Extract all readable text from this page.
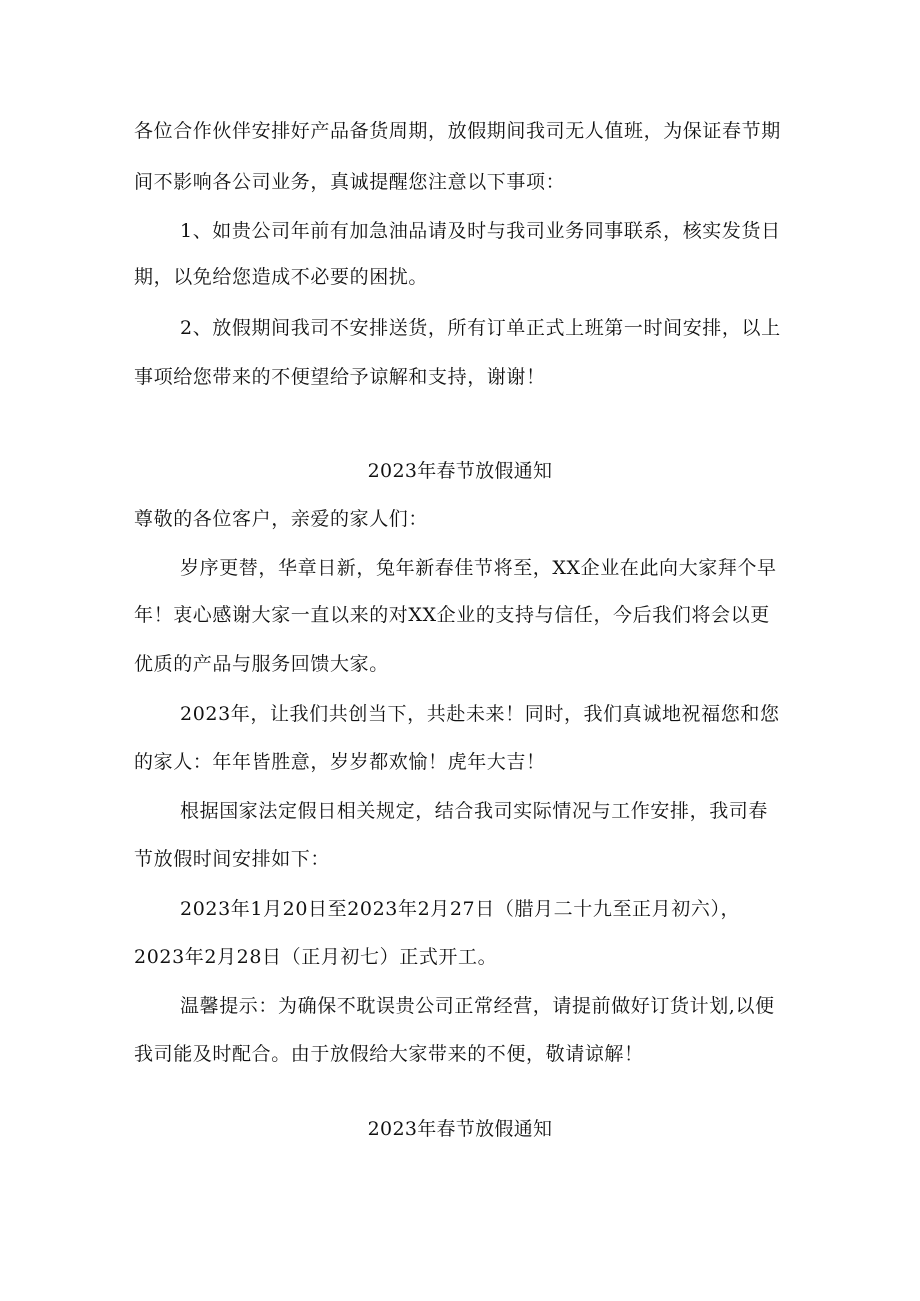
各位合作伙伴安排好产品备货周期，放假期间我司无人值班，为保证春节期
间不影响各公司业务，真诚提醒您注意以下事项：
1、如贵公司年前有加急油品请及时与我司业务同事联系，核实发货日
期，以免给您造成不必要的困扰。
2、放假期间我司不安排送货，所有订单正式上班第一时间安排，以上
事项给您带来的不便望给予谅解和支持，谢谢！
2023年春节放假通知
尊敬的各位客户，亲爱的家人们：
岁序更替，华章日新，兔年新春佳节将至，XX企业在此向大家拜个早
年！衷心感谢大家一直以来的对XX企业的支持与信任，今后我们将会以更
优质的产品与服务回馈大家。
2023年，让我们共创当下，共赴未来！同时，我们真诚地祝福您和您
的家人：年年皆胜意，岁岁都欢愉！虎年大吉！
根据国家法定假日相关规定，结合我司实际情况与工作安排，我司春
节放假时间安排如下：
2023年1月20日至2023年2月27日（腊月二十九至正月初六），
2023年2月28日（正月初七）正式开工。
温馨提示：为确保不耽误贵公司正常经营，请提前做好订货计划,以便
我司能及时配合。由于放假给大家带来的不便，敬请谅解！
2023年春节放假通知
